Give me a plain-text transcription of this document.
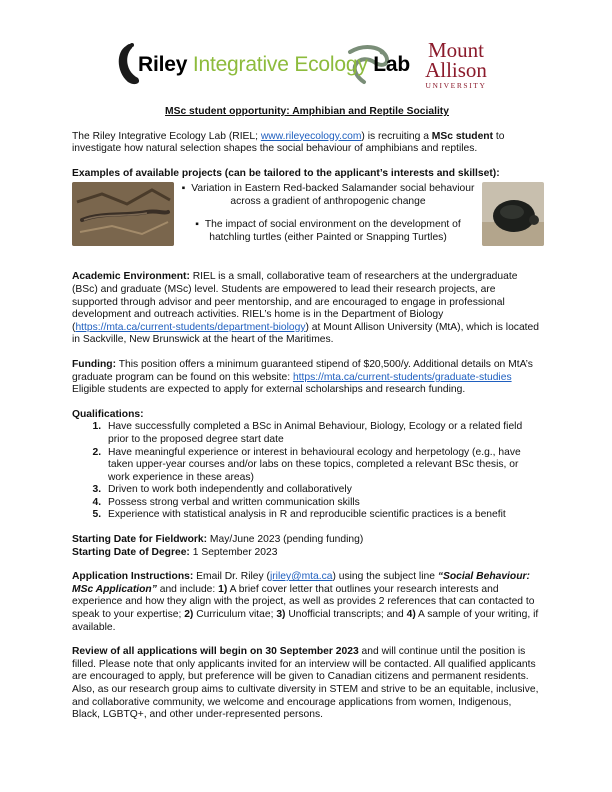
Riley Integrative Ecology Lab
Mount
Allison
UNIVERSITY
MSc student opportunity: Amphibian and Reptile Sociality

The Riley Integrative Ecology Lab (RIEL; www.rileyecology.com) is recruiting a MSc student to investigate how natural selection shapes the social behaviour of amphibians and reptiles.

Examples of available projects (can be tailored to the applicant’s interests and skillset):
▪ Variation in Eastern Red-backed Salamander social behaviour across a gradient of anthropogenic change
▪ The impact of social environment on the development of hatchling turtles (either Painted or Snapping Turtles)

Academic Environment: RIEL is a small, collaborative team of researchers at the undergraduate (BSc) and graduate (MSc) level. Students are empowered to lead their research projects, are supported through advisor and peer mentorship, and are encouraged to engage in professional development and outreach activities. RIEL’s home is in the Department of Biology (https://mta.ca/current-students/department-biology) at Mount Allison University (MtA), which is located in Sackville, New Brunswick at the heart of the Maritimes.

Funding: This position offers a minimum guaranteed stipend of $20,500/y. Additional details on MtA’s graduate program can be found on this website: https://mta.ca/current-students/graduate-studies Eligible students are expected to apply for external scholarships and research funding.

Qualifications:
1. Have successfully completed a BSc in Animal Behaviour, Biology, Ecology or a related field prior to the proposed degree start date
2. Have meaningful experience or interest in behavioural ecology and herpetology (e.g., have taken upper-year courses and/or labs on these topics, completed a relevant BSc thesis, or work experience in these areas)
3. Driven to work both independently and collaboratively
4. Possess strong verbal and written communication skills
5. Experience with statistical analysis in R and reproducible scientific practices is a benefit

Starting Date for Fieldwork: May/June 2023 (pending funding)
Starting Date of Degree: 1 September 2023

Application Instructions: Email Dr. Riley (jriley@mta.ca) using the subject line “Social Behaviour: MSc Application” and include: 1) A brief cover letter that outlines your research interests and experience and how they align with the project, as well as provides 2 references that can contacted to speak to your expertise; 2) Curriculum vitae; 3) Unofficial transcripts; and 4) A sample of your writing, if available.

Review of all applications will begin on 30 September 2023 and will continue until the position is filled. Please note that only applicants invited for an interview will be contacted. All qualified applicants are encouraged to apply, but preference will be given to Canadian citizens and permanent residents. Also, as our research group aims to cultivate diversity in STEM and strive to be an equitable, inclusive, and collaborative community, we welcome and encourage applications from women, Indigenous, Black, LGBTQ+, and other under-represented persons.
